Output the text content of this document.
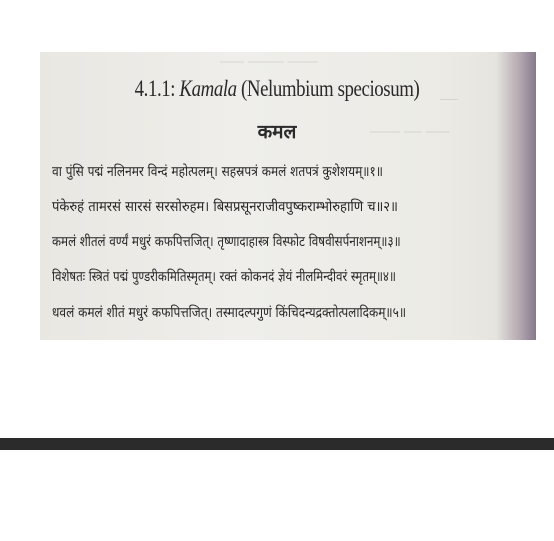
⎯⎯⎯⎯ ⎯⎯⎯⎯⎯⎯ ⎯⎯⎯⎯⎯
⎯⎯
⎯⎯⎯⎯⎯ ⎯⎯⎯ ⎯⎯⎯⎯
4.1.1: Kamala (Nelumbium speciosum)
कमल
वा पुंसि पद्मं नलिनमर विन्दं महोत्पलम्। सहस्रपत्रं कमलं शतपत्रं कुशेशयम्॥१॥
पंकेरुहं तामरसं सारसं सरसोरुहम। बिसप्रसूनराजीवपुष्कराम्भोरुहाणि च॥२॥
कमलं शीतलं वर्ण्यं मधुरं कफपित्तजित्। तृष्णादाहास्त्र विस्फोट विषवीसर्पनाशनम्॥३॥
विशेषतः स्त्रितं पद्मं पुण्डरीकमितिस्मृतम्। रक्तं कोकनदं ज्ञेयं नीलमिन्दीवरं स्मृतम्॥४॥
धवलं कमलं शीतं मधुरं कफपित्तजित्। तस्मादल्पगुणं किंचिदन्यद्रक्तोत्पलादिकम्॥५॥
